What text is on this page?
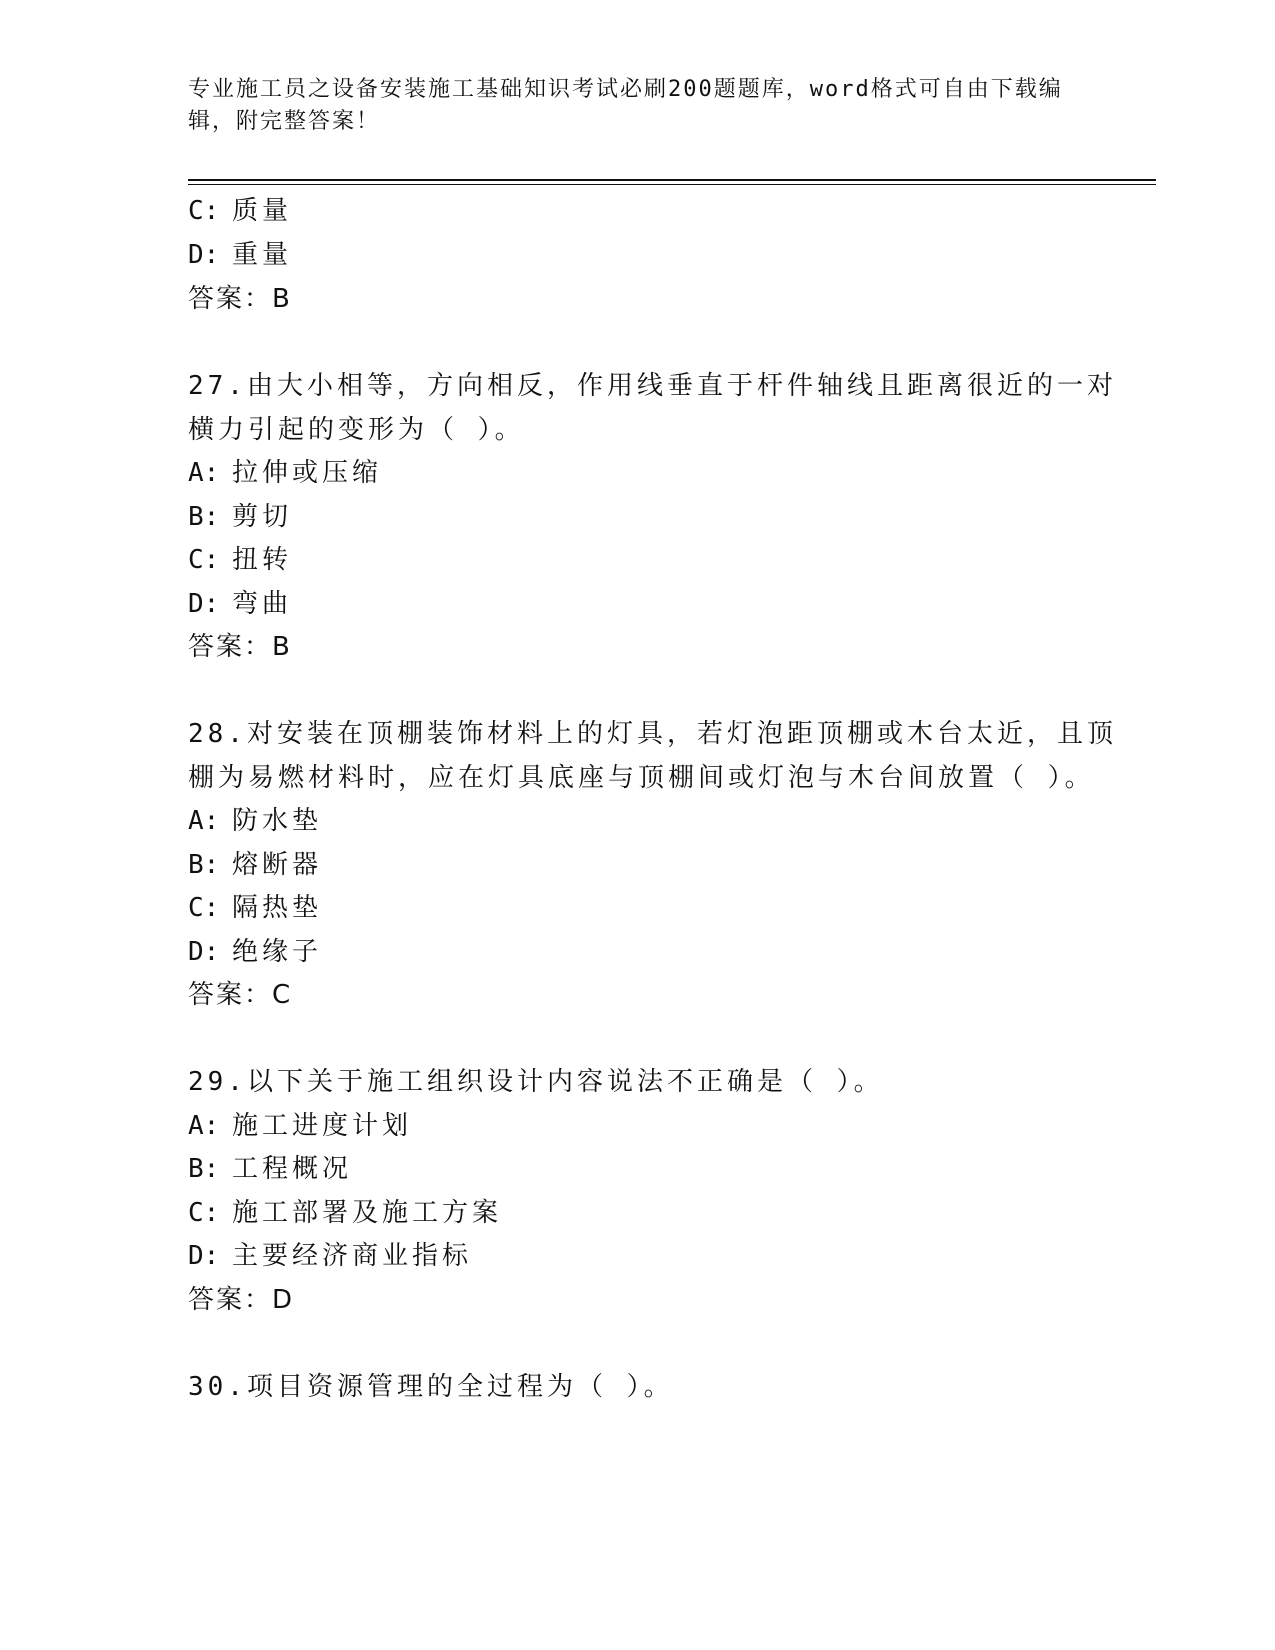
专业施工员之设备安装施工基础知识考试必刷200题题库，word格式可自由下载编辑，附完整答案！
C: 质量
D: 重量
答案：B
27.由大小相等，方向相反，作用线垂直于杆件轴线且距离很近的一对
横力引起的变形为（ ）。
A: 拉伸或压缩
B: 剪切
C: 扭转
D: 弯曲
答案：B
28.对安装在顶棚装饰材料上的灯具，若灯泡距顶棚或木台太近，且顶
棚为易燃材料时，应在灯具底座与顶棚间或灯泡与木台间放置（ ）。
A: 防水垫
B: 熔断器
C: 隔热垫
D: 绝缘子
答案：C
29.以下关于施工组织设计内容说法不正确是（ ）。
A: 施工进度计划
B: 工程概况
C: 施工部署及施工方案
D: 主要经济商业指标
答案：D
30.项目资源管理的全过程为（ ）。
